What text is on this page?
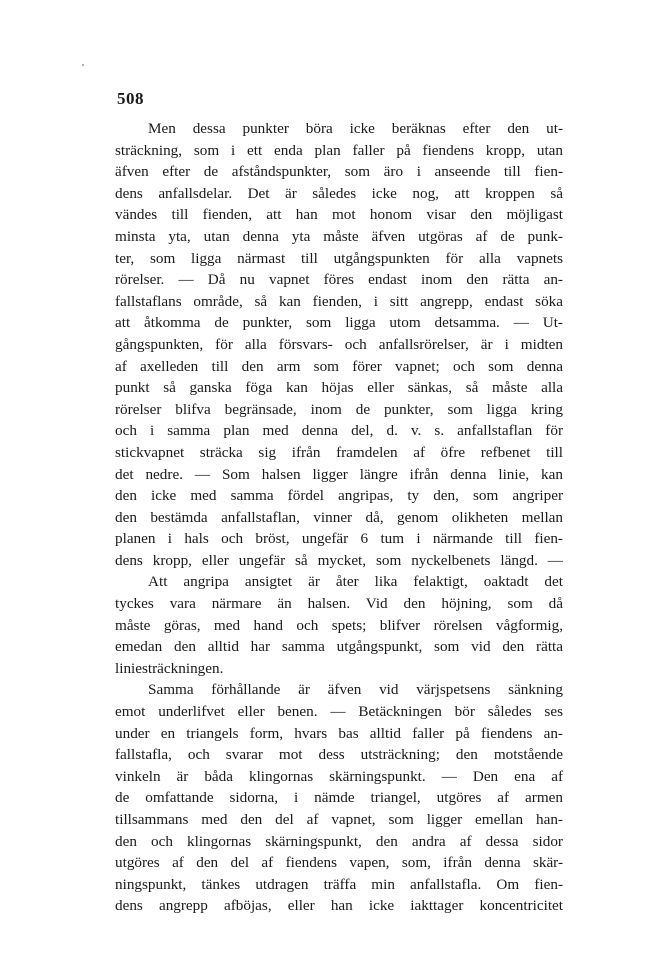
508

Men dessa punkter böra icke beräknas efter den ut-
sträckning, som i ett enda plan faller på fiendens kropp, utan
äfven efter de afståndspunkter, som äro i anseende till fien-
dens anfallsdelar. Det är således icke nog, att kroppen så
vändes till fienden, att han mot honom visar den möjligast
minsta yta, utan denna yta måste äfven utgöras af de punk-
ter, som ligga närmast till utgångspunkten för alla vapnets
rörelser. — Då nu vapnet föres endast inom den rätta an-
fallstaflans område, så kan fienden, i sitt angrepp, endast söka
att åtkomma de punkter, som ligga utom detsamma. — Ut-
gångspunkten, för alla försvars- och anfallsrörelser, är i midten
af axelleden till den arm som förer vapnet; och som denna
punkt så ganska föga kan höjas eller sänkas, så måste alla
rörelser blifva begränsade, inom de punkter, som ligga kring
och i samma plan med denna del, d. v. s. anfallstaflan för
stickvapnet sträcka sig ifrån framdelen af öfre refbenet till
det nedre. — Som halsen ligger längre ifrån denna linie, kan
den icke med samma fördel angripas, ty den, som angriper
den bestämda anfallstaflan, vinner då, genom olikheten mellan
planen i hals och bröst, ungefär 6 tum i närmande till fien-
dens kropp, eller ungefär så mycket, som nyckelbenets längd. —
Att angripa ansigtet är åter lika felaktigt, oaktadt det
tyckes vara närmare än halsen. Vid den höjning, som då
måste göras, med hand och spets; blifver rörelsen vågformig,
emedan den alltid har samma utgångspunkt, som vid den rätta
liniesträckningen.
Samma förhållande är äfven vid värjspetsens sänkning
emot underlifvet eller benen. — Betäckningen bör således ses
under en triangels form, hvars bas alltid faller på fiendens an-
fallstafla, och svarar mot dess utsträckning; den motstående
vinkeln är båda klingornas skärningspunkt. — Den ena af
de omfattande sidorna, i nämde triangel, utgöres af armen
tillsammans med den del af vapnet, som ligger emellan han-
den och klingornas skärningspunkt, den andra af dessa sidor
utgöres af den del af fiendens vapen, som, ifrån denna skär-
ningspunkt, tänkes utdragen träffa min anfallstafla. Om fien-
dens angrepp afböjas, eller han icke iakttager koncentricitet
